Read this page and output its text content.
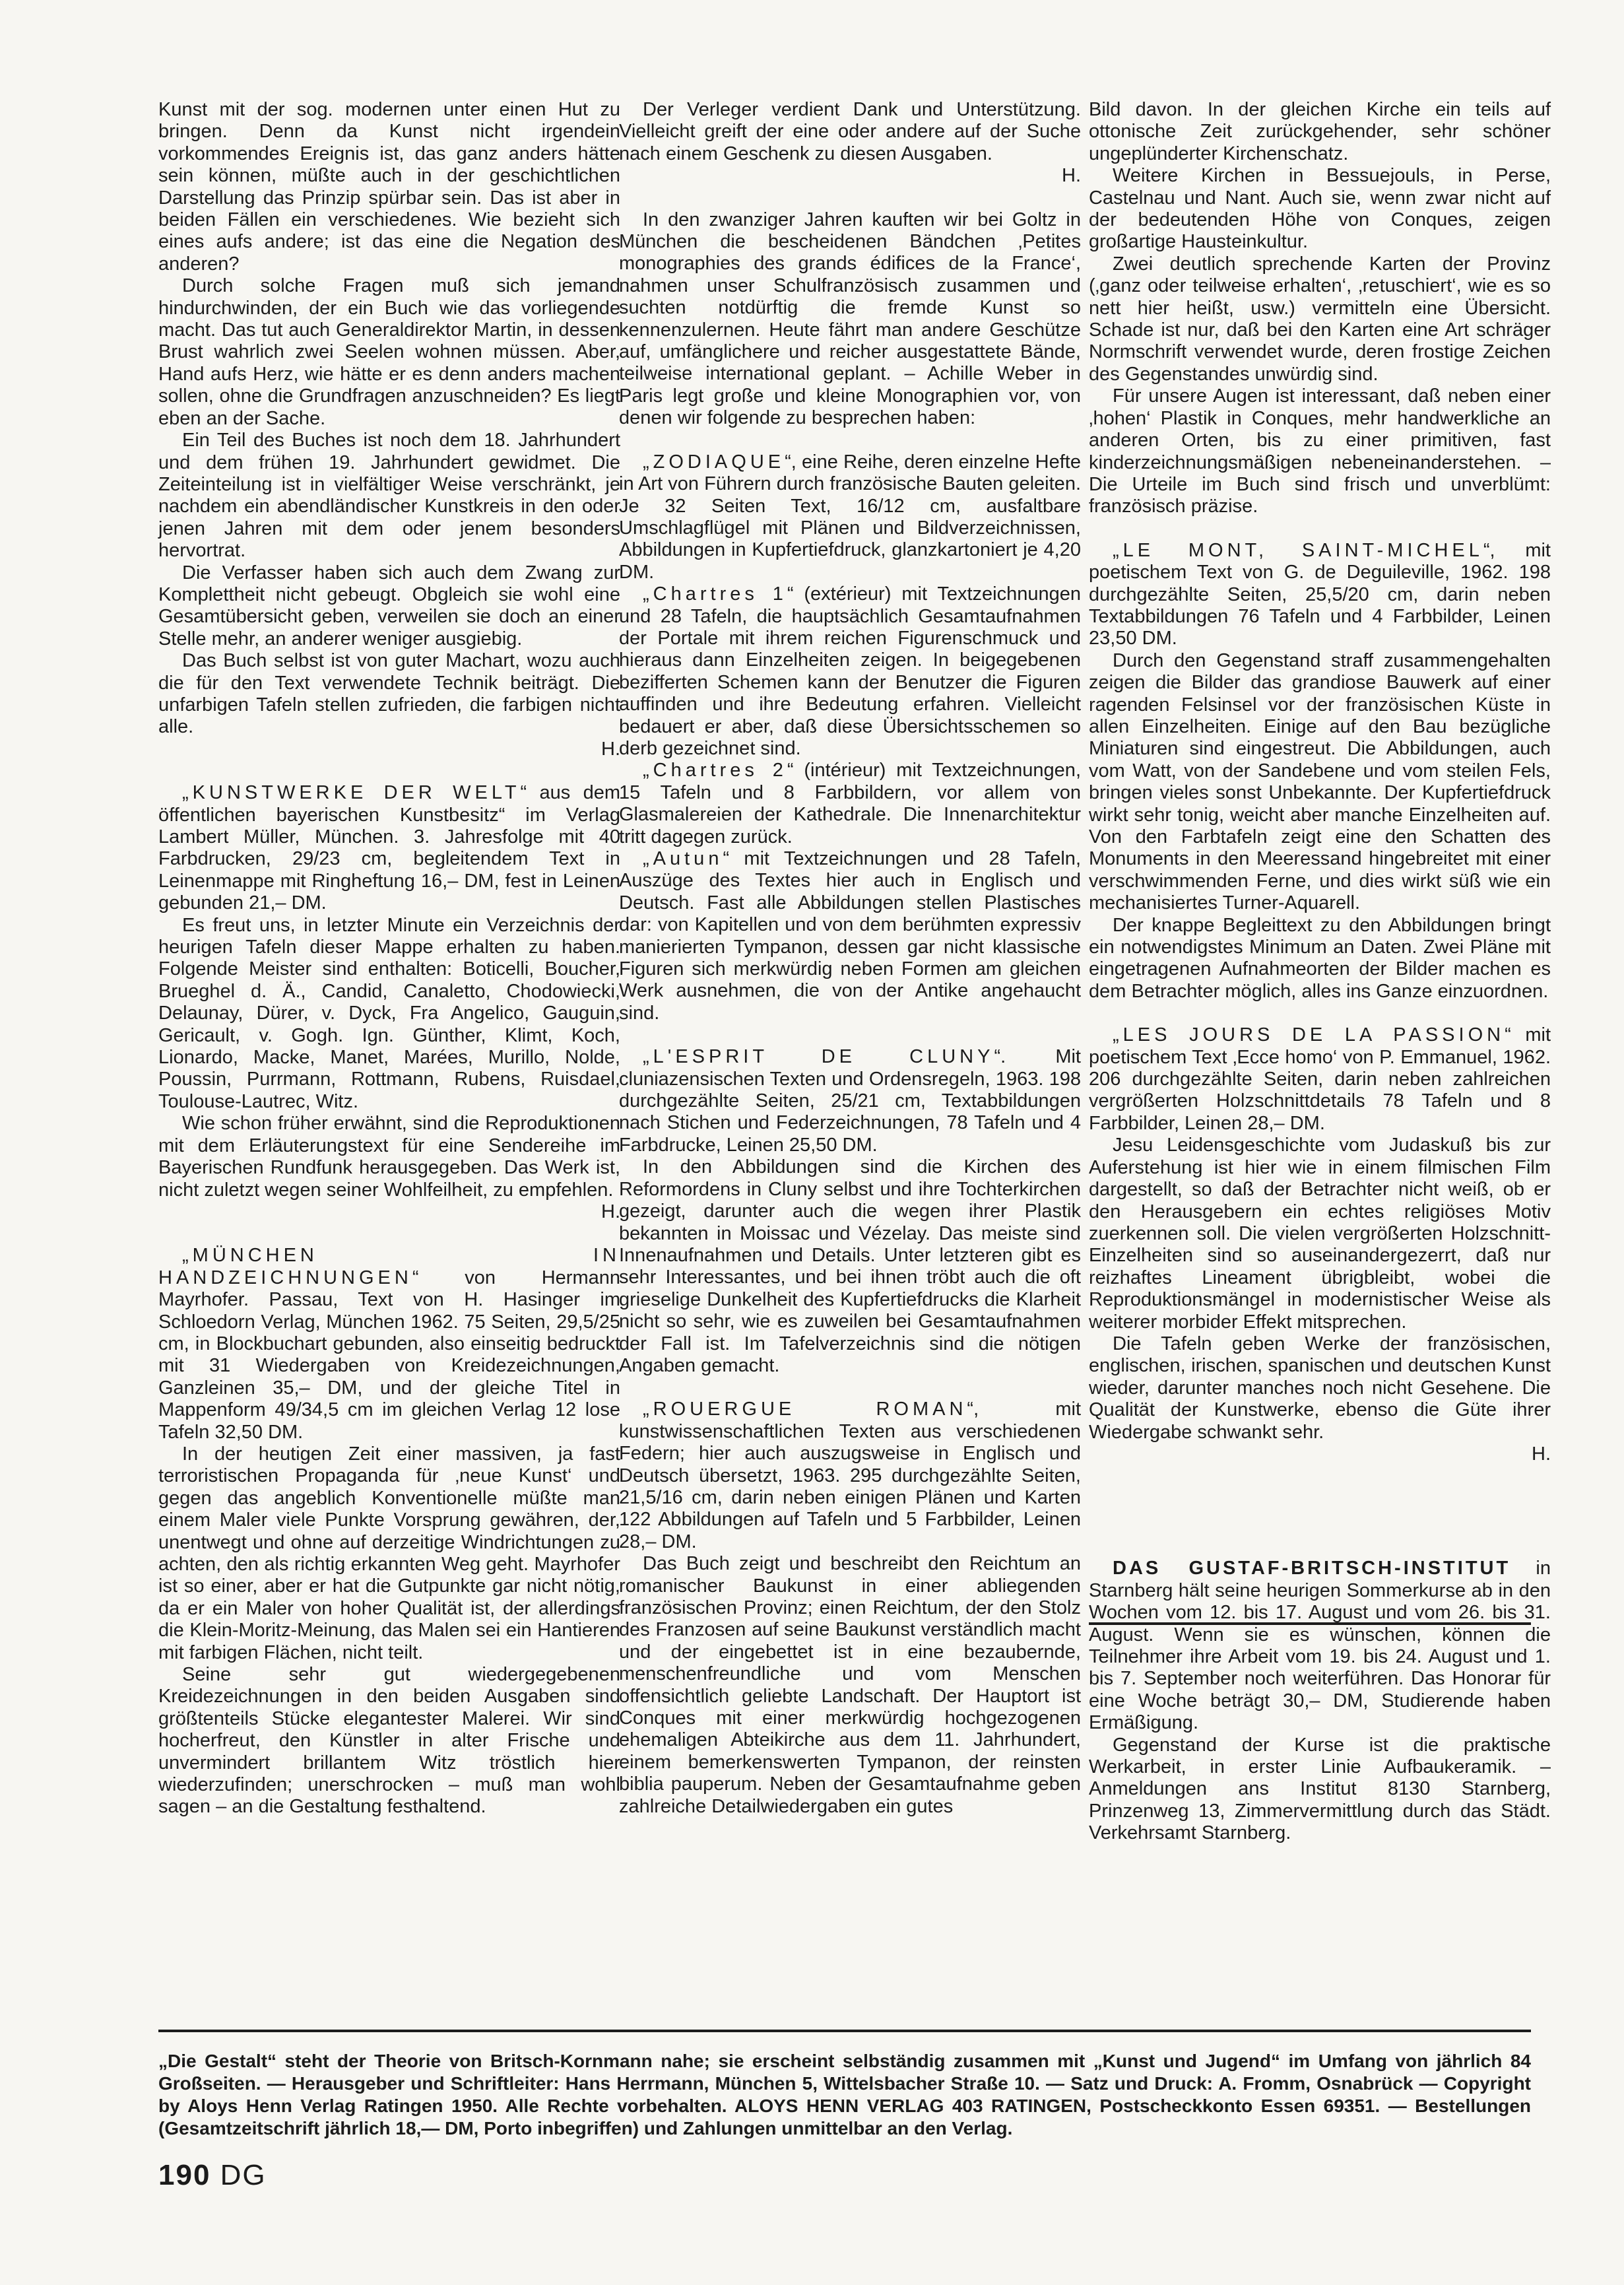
Kunst mit der sog. modernen unter einen Hut zu bringen. Denn da Kunst nicht irgendein vorkommendes Ereignis ist, das ganz anders hätte sein können, müßte auch in der geschichtlichen Darstellung das Prinzip spürbar sein. Das ist aber in beiden Fällen ein verschiedenes. Wie bezieht sich eines aufs andere; ist das eine die Negation des anderen?

Durch solche Fragen muß sich jemand hindurchwinden, der ein Buch wie das vorliegende macht. Das tut auch Generaldirektor Martin, in dessen Brust wahrlich zwei Seelen wohnen müssen. Aber, Hand aufs Herz, wie hätte er es denn anders machen sollen, ohne die Grundfragen anzuschneiden? Es liegt eben an der Sache.

Ein Teil des Buches ist noch dem 18. Jahrhundert und dem frühen 19. Jahrhundert gewidmet. Die Zeiteinteilung ist in vielfältiger Weise verschränkt, je nachdem ein abendländischer Kunstkreis in den oder jenen Jahren mit dem oder jenem besonders hervortrat.

Die Verfasser haben sich auch dem Zwang zur Komplettheit nicht gebeugt. Obgleich sie wohl eine Gesamtübersicht geben, verweilen sie doch an einer Stelle mehr, an anderer weniger ausgiebig.

Das Buch selbst ist von guter Machart, wozu auch die für den Text verwendete Technik beiträgt. Die unfarbigen Tafeln stellen zufrieden, die farbigen nicht alle.

H.

„KUNSTWERKE DER WELT“ aus dem öffentlichen bayerischen Kunstbesitz“ im Verlag Lambert Müller, München. 3. Jahresfolge mit 40 Farbdrucken, 29/23 cm, begleitendem Text in Leinenmappe mit Ringheftung 16,– DM, fest in Leinen gebunden 21,– DM.

Es freut uns, in letzter Minute ein Verzeichnis der heurigen Tafeln dieser Mappe erhalten zu haben. Folgende Meister sind enthalten: Boticelli, Boucher, Brueghel d. Ä., Candid, Canaletto, Chodowiecki, Delaunay, Dürer, v. Dyck, Fra Angelico, Gauguin, Gericault, v. Gogh. Ign. Günther, Klimt, Koch, Lionardo, Macke, Manet, Marées, Murillo, Nolde, Poussin, Purrmann, Rottmann, Rubens, Ruisdael, Toulouse-Lautrec, Witz.

Wie schon früher erwähnt, sind die Reproduktionen mit dem Erläuterungstext für eine Sendereihe im Bayerischen Rundfunk herausgegeben. Das Werk ist, nicht zuletzt wegen seiner Wohlfeilheit, zu empfehlen.

H.

„MÜNCHEN IN HANDZEICHNUNGEN“ von Hermann Mayrhofer. Passau, Text von H. Hasinger im Schloedorn Verlag, München 1962. 75 Seiten, 29,5/25 cm, in Blockbuchart gebunden, also einseitig bedruckt mit 31 Wiedergaben von Kreidezeichnungen, Ganzleinen 35,– DM, und der gleiche Titel in Mappenform 49/34,5 cm im gleichen Verlag 12 lose Tafeln 32,50 DM.

In der heutigen Zeit einer massiven, ja fast terroristischen Propaganda für ‚neue Kunst‘ und gegen das angeblich Konventionelle müßte man einem Maler viele Punkte Vorsprung gewähren, der, unentwegt und ohne auf derzeitige Windrichtungen zu achten, den als richtig erkannten Weg geht. Mayrhofer ist so einer, aber er hat die Gutpunkte gar nicht nötig, da er ein Maler von hoher Qualität ist, der allerdings die Klein-Moritz-Meinung, das Malen sei ein Hantieren mit farbigen Flächen, nicht teilt.

Seine sehr gut wiedergegebenen Kreidezeichnungen in den beiden Ausgaben sind größtenteils Stücke elegantester Malerei. Wir sind hocherfreut, den Künstler in alter Frische und unvermindert brillantem Witz tröstlich hier wiederzufinden; unerschrocken – muß man wohl sagen – an die Gestaltung festhaltend.

Der Verleger verdient Dank und Unterstützung. Vielleicht greift der eine oder andere auf der Suche nach einem Geschenk zu diesen Ausgaben.

H.

In den zwanziger Jahren kauften wir bei Goltz in München die bescheidenen Bändchen ‚Petites monographies des grands édifices de la France‘, nahmen unser Schulfranzösisch zusammen und suchten notdürftig die fremde Kunst so kennenzulernen. Heute fährt man andere Geschütze auf, umfänglichere und reicher ausgestattete Bände, teilweise international geplant. – Achille Weber in Paris legt große und kleine Monographien vor, von denen wir folgende zu besprechen haben:

„ZODIAQUE“, eine Reihe, deren einzelne Hefte in Art von Führern durch französische Bauten geleiten. Je 32 Seiten Text, 16/12 cm, ausfaltbare Umschlagflügel mit Plänen und Bildverzeichnissen, Abbildungen in Kupfertiefdruck, glanzkartoniert je 4,20 DM.

„Chartres 1“ (extérieur) mit Textzeichnungen und 28 Tafeln, die hauptsächlich Gesamtaufnahmen der Portale mit ihrem reichen Figurenschmuck und hieraus dann Einzelheiten zeigen. In beigegebenen bezifferten Schemen kann der Benutzer die Figuren auffinden und ihre Bedeutung erfahren. Vielleicht bedauert er aber, daß diese Übersichtsschemen so derb gezeichnet sind.

„Chartres 2“ (intérieur) mit Textzeichnungen, 15 Tafeln und 8 Farbbildern, vor allem von Glasmalereien der Kathedrale. Die Innenarchitektur tritt dagegen zurück.

„Autun“ mit Textzeichnungen und 28 Tafeln, Auszüge des Textes hier auch in Englisch und Deutsch. Fast alle Abbildungen stellen Plastisches dar: von Kapitellen und von dem berühmten expressiv manierierten Tympanon, dessen gar nicht klassische Figuren sich merkwürdig neben Formen am gleichen Werk ausnehmen, die von der Antike angehaucht sind.

„L'ESPRIT DE CLUNY“. Mit cluniazensischen Texten und Ordensregeln, 1963. 198 durchgezählte Seiten, 25/21 cm, Textabbildungen nach Stichen und Federzeichnungen, 78 Tafeln und 4 Farbdrucke, Leinen 25,50 DM.

In den Abbildungen sind die Kirchen des Reformordens in Cluny selbst und ihre Tochterkirchen gezeigt, darunter auch die wegen ihrer Plastik bekannten in Moissac und Vézelay. Das meiste sind Innenaufnahmen und Details. Unter letzteren gibt es sehr Interessantes, und bei ihnen tröbt auch die oft grieselige Dunkelheit des Kupfertiefdrucks die Klarheit nicht so sehr, wie es zuweilen bei Gesamtaufnahmen der Fall ist. Im Tafelverzeichnis sind die nötigen Angaben gemacht.

„ROUERGUE ROMAN“, mit kunstwissenschaftlichen Texten aus verschiedenen Federn; hier auch auszugsweise in Englisch und Deutsch übersetzt, 1963. 295 durchgezählte Seiten, 21,5/16 cm, darin neben einigen Plänen und Karten 122 Abbildungen auf Tafeln und 5 Farbbilder, Leinen 28,– DM.

Das Buch zeigt und beschreibt den Reichtum an romanischer Baukunst in einer abliegenden französischen Provinz; einen Reichtum, der den Stolz des Franzosen auf seine Baukunst verständlich macht und der eingebettet ist in eine bezaubernde, menschenfreundliche und vom Menschen offensichtlich geliebte Landschaft. Der Hauptort ist Conques mit einer merkwürdig hochgezogenen ehemaligen Abteikirche aus dem 11. Jahrhundert, einem bemerkenswerten Tympanon, der reinsten biblia pauperum. Neben der Gesamtaufnahme geben zahlreiche Detailwiedergaben ein gutes

Bild davon. In der gleichen Kirche ein teils auf ottonische Zeit zurückgehender, sehr schöner ungeplünderter Kirchenschatz.

Weitere Kirchen in Bessuejouls, in Perse, Castelnau und Nant. Auch sie, wenn zwar nicht auf der bedeutenden Höhe von Conques, zeigen großartige Hausteinkultur.

Zwei deutlich sprechende Karten der Provinz (‚ganz oder teilweise erhalten‘, ‚retuschiert‘, wie es so nett hier heißt, usw.) vermitteln eine Übersicht. Schade ist nur, daß bei den Karten eine Art schräger Normschrift verwendet wurde, deren frostige Zeichen des Gegenstandes unwürdig sind.

Für unsere Augen ist interessant, daß neben einer ‚hohen‘ Plastik in Conques, mehr handwerkliche an anderen Orten, bis zu einer primitiven, fast kinderzeichnungsmäßigen nebeneinanderstehen. – Die Urteile im Buch sind frisch und unverblümt: französisch präzise.

„LE MONT, SAINT-MICHEL“, mit poetischem Text von G. de Deguileville, 1962. 198 durchgezählte Seiten, 25,5/20 cm, darin neben Textabbildungen 76 Tafeln und 4 Farbbilder, Leinen 23,50 DM.

Durch den Gegenstand straff zusammengehalten zeigen die Bilder das grandiose Bauwerk auf einer ragenden Felsinsel vor der französischen Küste in allen Einzelheiten. Einige auf den Bau bezügliche Miniaturen sind eingestreut. Die Abbildungen, auch vom Watt, von der Sandebene und vom steilen Fels, bringen vieles sonst Unbekannte. Der Kupfertiefdruck wirkt sehr tonig, weicht aber manche Einzelheiten auf. Von den Farbtafeln zeigt eine den Schatten des Monuments in den Meeressand hingebreitet mit einer verschwimmenden Ferne, und dies wirkt süß wie ein mechanisiertes Turner-Aquarell.

Der knappe Begleittext zu den Abbildungen bringt ein notwendigstes Minimum an Daten. Zwei Pläne mit eingetragenen Aufnahmeorten der Bilder machen es dem Betrachter möglich, alles ins Ganze einzuordnen.

„LES JOURS DE LA PASSION“ mit poetischem Text ‚Ecce homo‘ von P. Emmanuel, 1962. 206 durchgezählte Seiten, darin neben zahlreichen vergrößerten Holzschnittdetails 78 Tafeln und 8 Farbbilder, Leinen 28,– DM.

Jesu Leidensgeschichte vom Judaskuß bis zur Auferstehung ist hier wie in einem filmischen Film dargestellt, so daß der Betrachter nicht weiß, ob er den Herausgebern ein echtes religiöses Motiv zuerkennen soll. Die vielen vergrößerten Holzschnitt-Einzelheiten sind so auseinandergezerrt, daß nur reizhaftes Lineament übrigbleibt, wobei die Reproduktionsmängel in modernistischer Weise als weiterer morbider Effekt mitsprechen.

Die Tafeln geben Werke der französischen, englischen, irischen, spanischen und deutschen Kunst wieder, darunter manches noch nicht Gesehene. Die Qualität der Kunstwerke, ebenso die Güte ihrer Wiedergabe schwankt sehr.

H.

DAS GUSTAF-BRITSCH-INSTITUT in Starnberg hält seine heurigen Sommerkurse ab in den Wochen vom 12. bis 17. August und vom 26. bis 31. August. Wenn sie es wünschen, können die Teilnehmer ihre Arbeit vom 19. bis 24. August und 1. bis 7. September noch weiterführen. Das Honorar für eine Woche beträgt 30,– DM, Studierende haben Ermäßigung.

Gegenstand der Kurse ist die praktische Werkarbeit, in erster Linie Aufbaukeramik. – Anmeldungen ans Institut 8130 Starnberg, Prinzenweg 13, Zimmervermittlung durch das Städt. Verkehrsamt Starnberg.

„Die Gestalt“ steht der Theorie von Britsch-Kornmann nahe; sie erscheint selbständig zusammen mit „Kunst und Jugend“ im Umfang von jährlich 84 Großseiten. — Herausgeber und Schriftleiter: Hans Herrmann, München 5, Wittelsbacher Straße 10. — Satz und Druck: A. Fromm, Osnabrück — Copyright by Aloys Henn Verlag Ratingen 1950. Alle Rechte vorbehalten. ALOYS HENN VERLAG 403 RATINGEN, Postscheckkonto Essen 69351. — Bestellungen (Gesamtzeitschrift jährlich 18,— DM, Porto inbegriffen) und Zahlungen unmittelbar an den Verlag.
190 DG
